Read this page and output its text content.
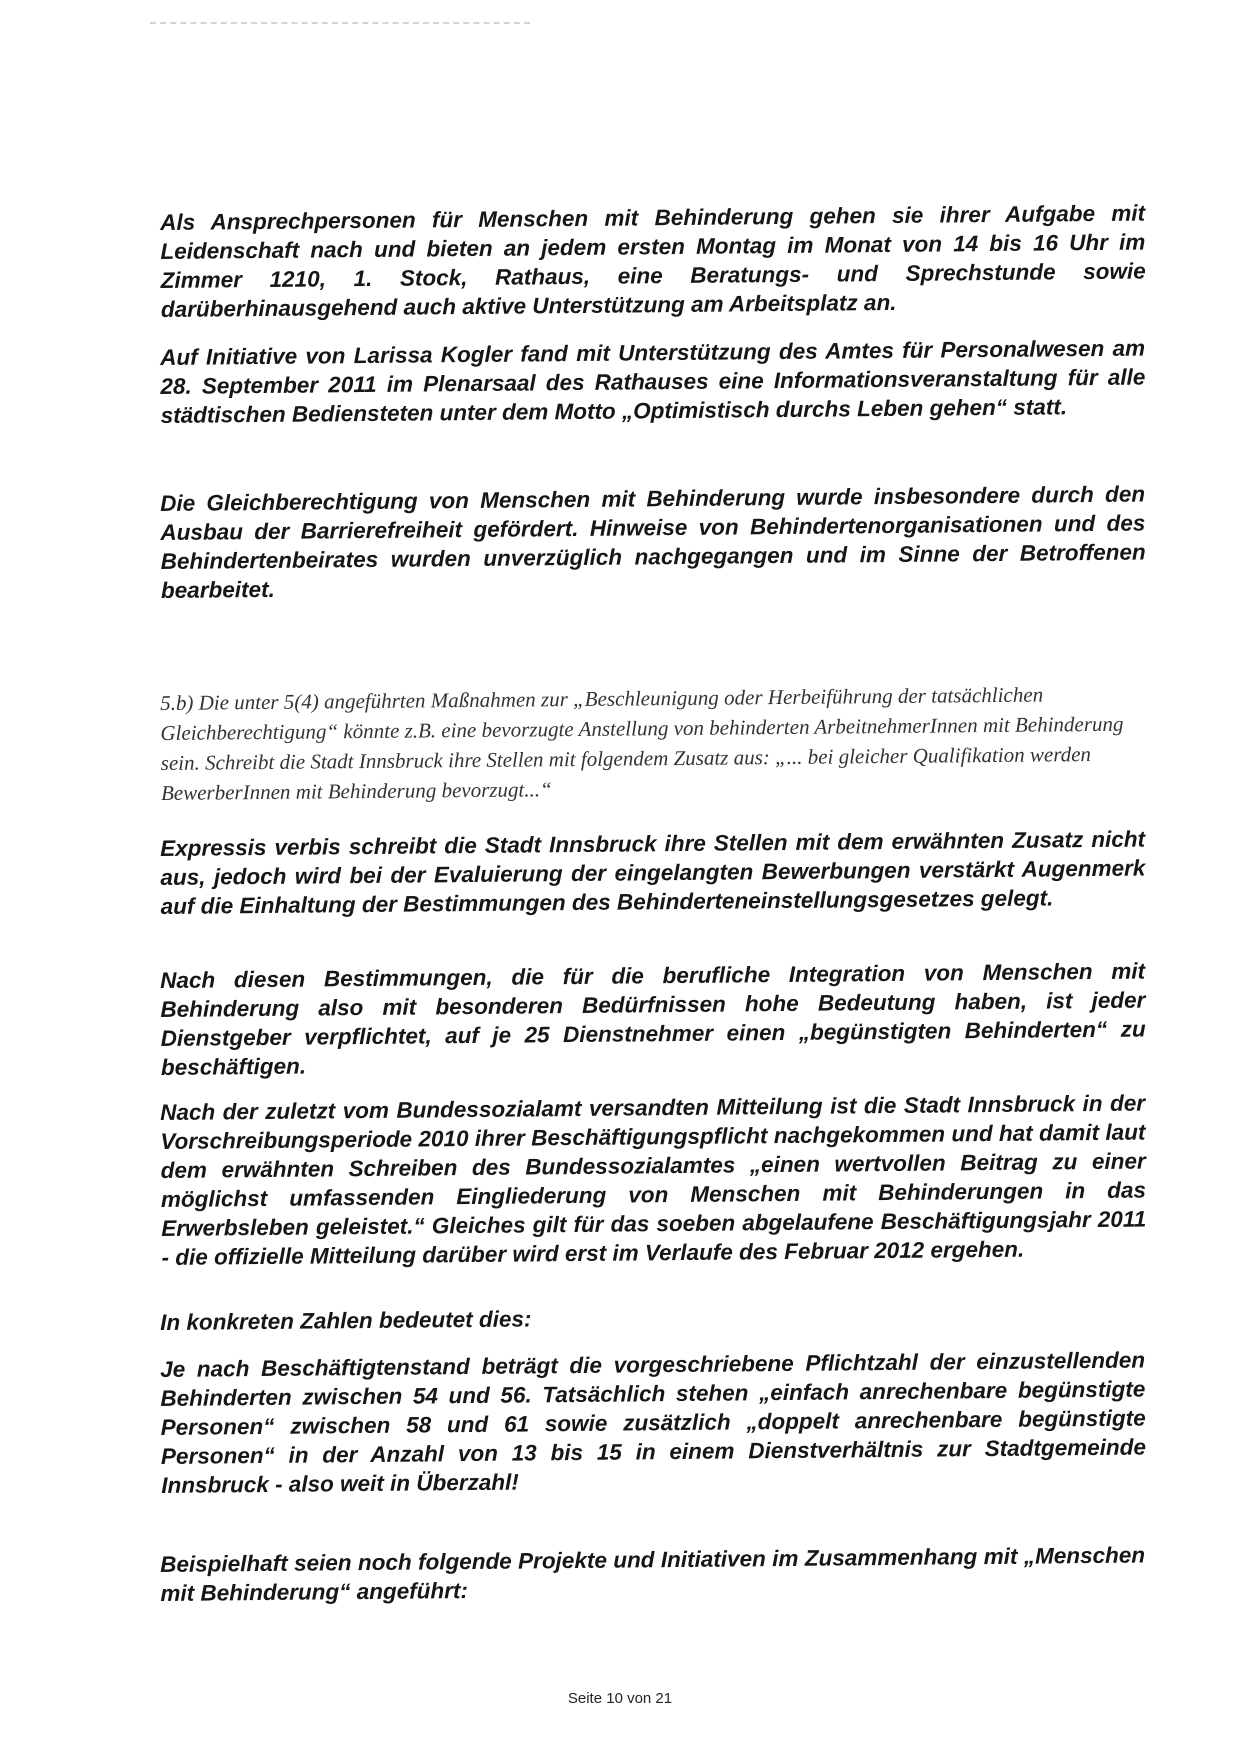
Als Ansprechpersonen für Menschen mit Behinderung gehen sie ihrer Aufgabe mit Leidenschaft nach und bieten an jedem ersten Montag im Monat von 14 bis 16 Uhr im Zimmer 1210, 1. Stock, Rathaus, eine Beratungs- und Sprechstunde sowie darüberhinausgehend auch aktive Unterstützung am Arbeitsplatz an.

Auf Initiative von Larissa Kogler fand mit Unterstützung des Amtes für Personalwesen am 28. September 2011 im Plenarsaal des Rathauses eine Informationsveranstaltung für alle städtischen Bediensteten unter dem Motto „Optimistisch durchs Leben gehen“ statt.

Die Gleichberechtigung von Menschen mit Behinderung wurde insbesondere durch den Ausbau der Barrierefreiheit gefördert. Hinweise von Behindertenorganisationen und des Behindertenbeirates wurden unverzüglich nachgegangen und im Sinne der Betroffenen bearbeitet.

5.b) Die unter 5(4) angeführten Maßnahmen zur „Beschleunigung oder Herbeiführung der tatsächlichen Gleichberechtigung“ könnte z.B. eine bevorzugte Anstellung von behinderten ArbeitnehmerInnen mit Behinderung sein. Schreibt die Stadt Innsbruck ihre Stellen mit folgendem Zusatz aus: „... bei gleicher Qualifikation werden BewerberInnen mit Behinderung bevorzugt...“

Expressis verbis schreibt die Stadt Innsbruck ihre Stellen mit dem erwähnten Zusatz nicht aus, jedoch wird bei der Evaluierung der eingelangten Bewerbungen verstärkt Augenmerk auf die Einhaltung der Bestimmungen des Behinderteneinstellungsgesetzes gelegt.

Nach diesen Bestimmungen, die für die berufliche Integration von Menschen mit Behinderung also mit besonderen Bedürfnissen hohe Bedeutung haben, ist jeder Dienstgeber verpflichtet, auf je 25 Dienstnehmer einen „begünstigten Behinderten“ zu beschäftigen.

Nach der zuletzt vom Bundessozialamt versandten Mitteilung ist die Stadt Innsbruck in der Vorschreibungsperiode 2010 ihrer Beschäftigungspflicht nachgekommen und hat damit laut dem erwähnten Schreiben des Bundessozialamtes „einen wertvollen Beitrag zu einer möglichst umfassenden Eingliederung von Menschen mit Behinderungen in das Erwerbsleben geleistet.“ Gleiches gilt für das soeben abgelaufene Beschäftigungsjahr 2011 - die offizielle Mitteilung darüber wird erst im Verlaufe des Februar 2012 ergehen.

In konkreten Zahlen bedeutet dies:

Je nach Beschäftigtenstand beträgt die vorgeschriebene Pflichtzahl der einzustellenden Behinderten zwischen 54 und 56. Tatsächlich stehen „einfach anrechenbare begünstigte Personen“ zwischen 58 und 61 sowie zusätzlich „doppelt anrechenbare begünstigte Personen“ in der Anzahl von 13 bis 15 in einem Dienstverhältnis zur Stadtgemeinde Innsbruck - also weit in Überzahl!

Beispielhaft seien noch folgende Projekte und Initiativen im Zusammenhang mit „Menschen mit Behinderung“ angeführt:

Seite 10 von 21
